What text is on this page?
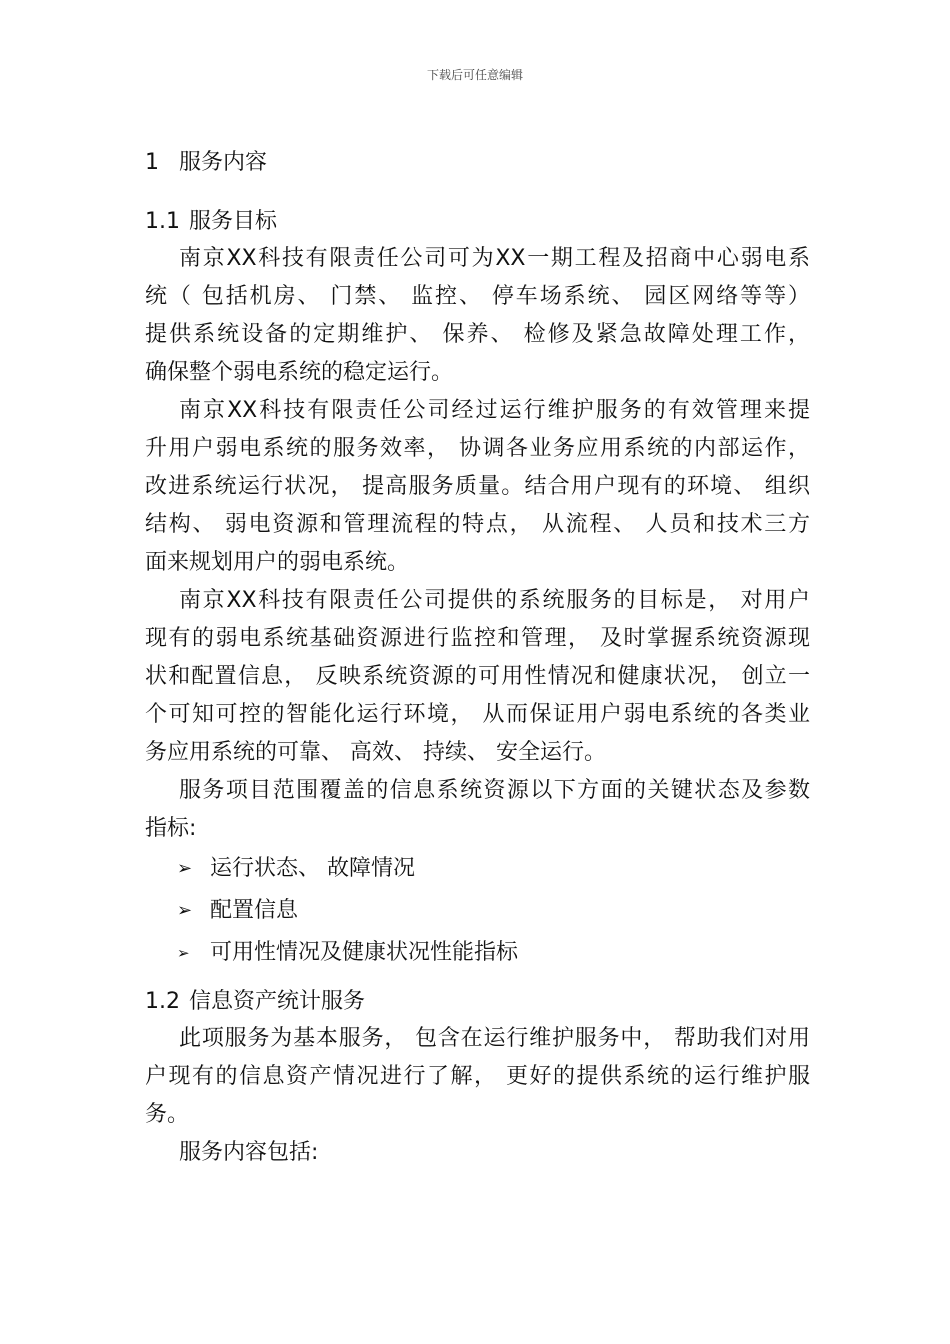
下载后可任意编辑
1 服务内容
1.1 服务目标

南京XX科技有限责任公司可为XX一期工程及招商中心弱电系
统（ 包括机房、 门禁、 监控、 停车场系统、 园区网络等等）
提供系统设备的定期维护、 保养、 检修及紧急故障处理工作，
确保整个弱电系统的稳定运行。

南京XX科技有限责任公司经过运行维护服务的有效管理来提
升用户弱电系统的服务效率， 协调各业务应用系统的内部运作，
改进系统运行状况， 提高服务质量。结合用户现有的环境、 组织
结构、 弱电资源和管理流程的特点， 从流程、 人员和技术三方
面来规划用户的弱电系统。

南京XX科技有限责任公司提供的系统服务的目标是， 对用户
现有的弱电系统基础资源进行监控和管理， 及时掌握系统资源现
状和配置信息， 反映系统资源的可用性情况和健康状况， 创立一
个可知可控的智能化运行环境， 从而保证用户弱电系统的各类业
务应用系统的可靠、 高效、 持续、 安全运行。

服务项目范围覆盖的信息系统资源以下方面的关键状态及参数
指标:

➢ 运行状态、 故障情况
➢ 配置信息
➢ 可用性情况及健康状况性能指标
1.2 信息资产统计服务

此项服务为基本服务， 包含在运行维护服务中， 帮助我们对用
户现有的信息资产情况进行了解， 更好的提供系统的运行维护服
务。

服务内容包括:
